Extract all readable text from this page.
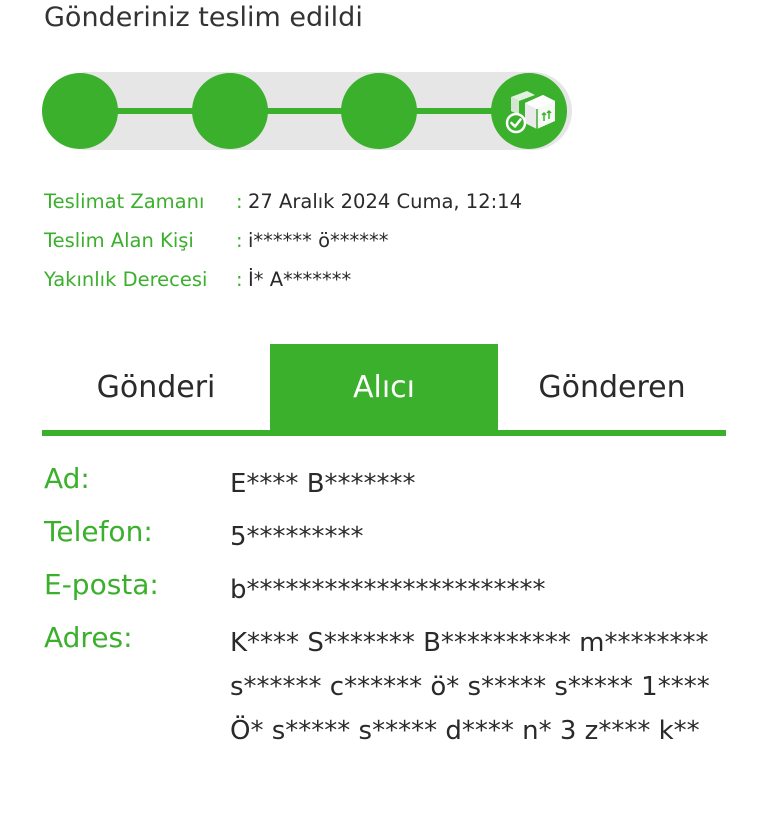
Gönderiniz teslim edildi
Teslimat Zamanı : 27 Aralık 2024 Cuma, 12:14
Teslim Alan Kişi : i****** ö******
Yakınlık Derecesi : İ* A*******
Gönderi	Alıcı	Gönderen
Ad:	E**** B*******
Telefon:	5*********
E-posta:	b***********************
Adres:	K**** S******* B********** m********
s****** c****** ö* s***** s***** 1****
Ö* s***** s***** d**** n* 3 z**** k**
